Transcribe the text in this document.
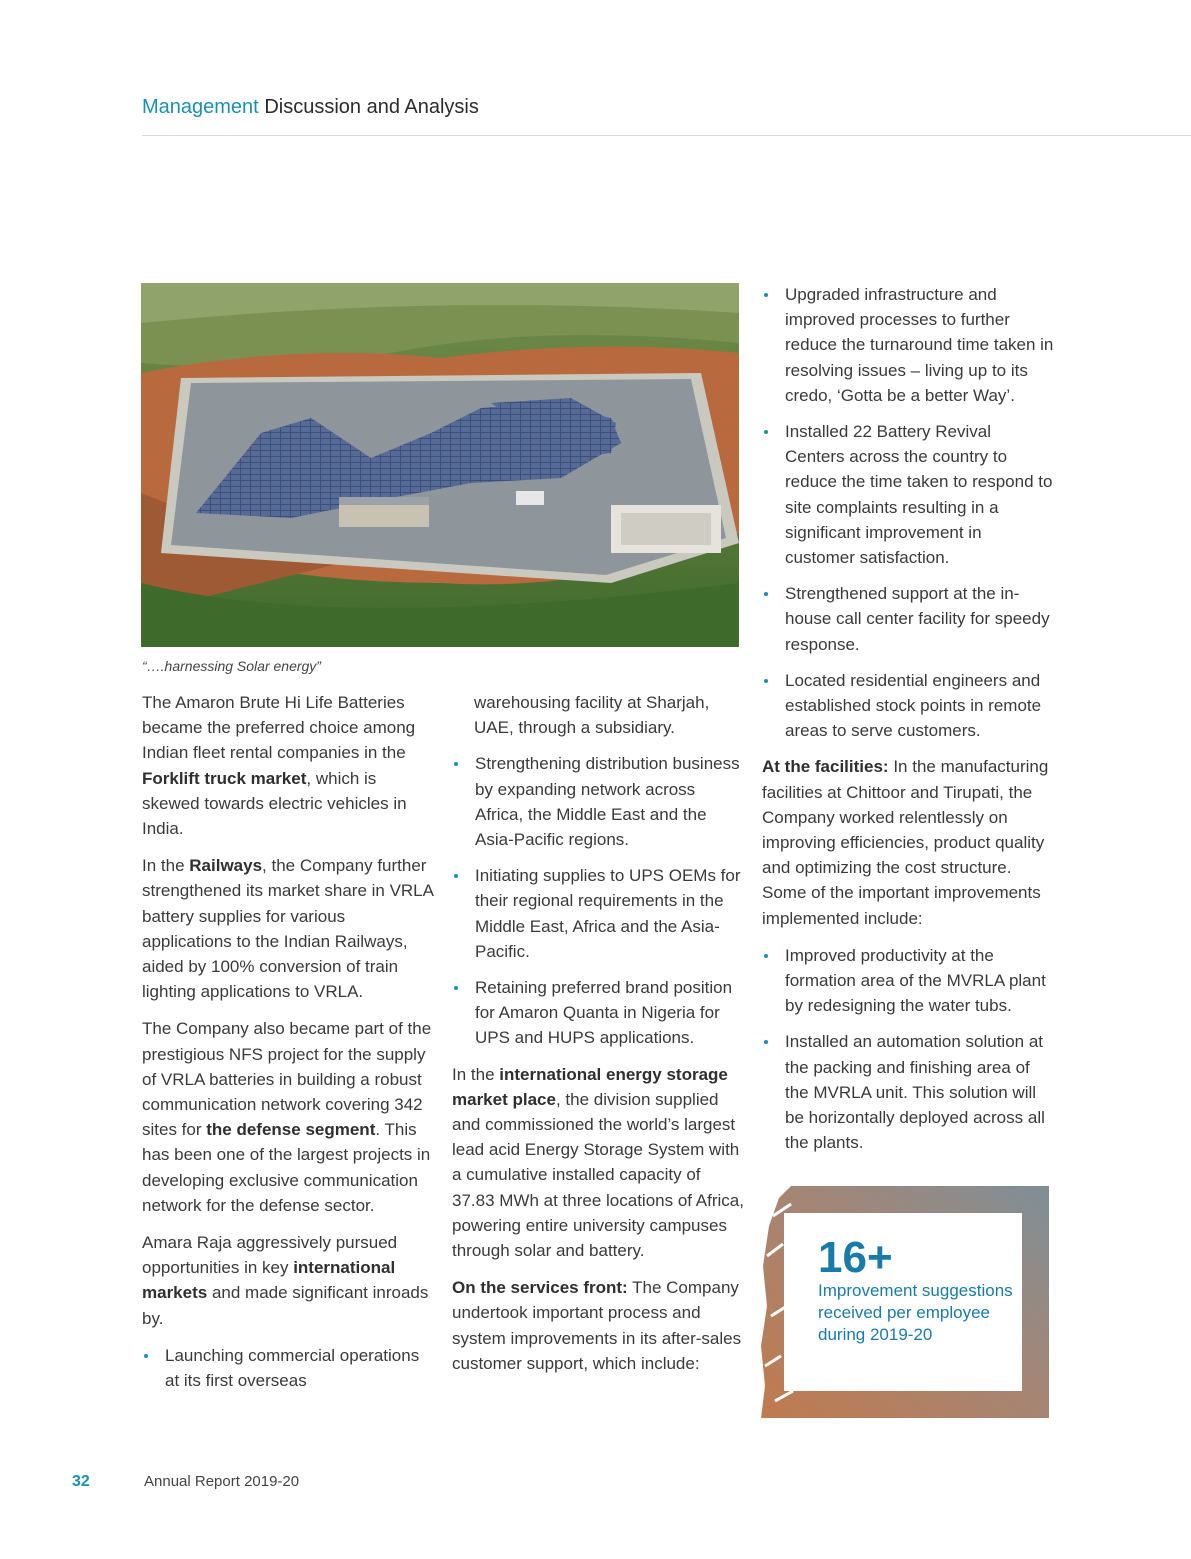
Management Discussion and Analysis
“….harnessing Solar energy”

The Amaron Brute Hi Life Batteries became the preferred choice among Indian fleet rental companies in the Forklift truck market, which is skewed towards electric vehicles in India.

In the Railways, the Company further strengthened its market share in VRLA battery supplies for various applications to the Indian Railways, aided by 100% conversion of train lighting applications to VRLA.

The Company also became part of the prestigious NFS project for the supply of VRLA batteries in building a robust communication network covering 342 sites for the defense segment. This has been one of the largest projects in developing exclusive communication network for the defense sector.

Amara Raja aggressively pursued opportunities in key international markets and made significant inroads by.

Launching commercial operations at its first overseas
warehousing facility at Sharjah, UAE, through a subsidiary.
Strengthening distribution business by expanding network across Africa, the Middle East and the Asia-Pacific regions.
Initiating supplies to UPS OEMs for their regional requirements in the Middle East, Africa and the Asia-Pacific.
Retaining preferred brand position for Amaron Quanta in Nigeria for UPS and HUPS applications.

In the international energy storage market place, the division supplied and commissioned the world’s largest lead acid Energy Storage System with a cumulative installed capacity of 37.83 MWh at three locations of Africa, powering entire university campuses through solar and battery.

On the services front: The Company undertook important process and system improvements in its after-sales customer support, which include:

Upgraded infrastructure and improved processes to further reduce the turnaround time taken in resolving issues – living up to its credo, ‘Gotta be a better Way’.
Installed 22 Battery Revival Centers across the country to reduce the time taken to respond to site complaints resulting in a significant improvement in customer satisfaction.
Strengthened support at the in-house call center facility for speedy response.
Located residential engineers and established stock points in remote areas to serve customers.

At the facilities: In the manufacturing facilities at Chittoor and Tirupati, the Company worked relentlessly on improving efficiencies, product quality and optimizing the cost structure. Some of the important improvements implemented include:

Improved productivity at the formation area of the MVRLA plant by redesigning the water tubs.
Installed an automation solution at the packing and finishing area of the MVRLA unit. This solution will be horizontally deployed across all the plants.
16+
Improvement suggestions received per employee during 2019-20
32	Annual Report 2019-20
